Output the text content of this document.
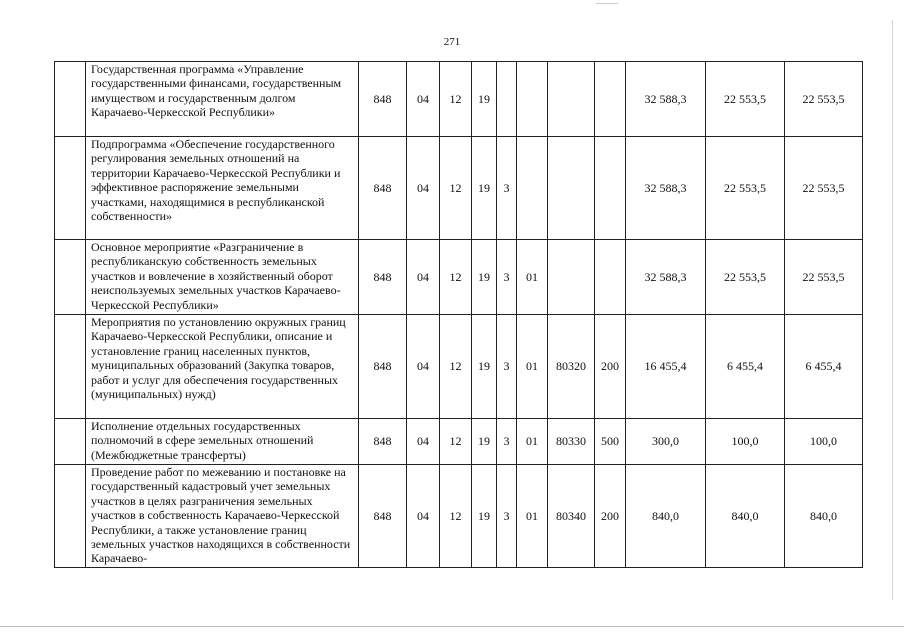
271
	Государственная программа «Управление государственными финансами, государственным имуществом и государственным долгом Карачаево-Черкесской Республики»	848	04	12	19					32 588,3	22 553,5	22 553,5
	Подпрограмма «Обеспечение государственного регулирования земельных отношений на территории Карачаево-Черкесской Республики и эффективное распоряжение земельными участками, находящимися в республиканской собственности»	848	04	12	19	3				32 588,3	22 553,5	22 553,5
	Основное мероприятие «Разграничение в республиканскую собственность земельных участков и вовлечение в хозяйственный оборот неиспользуемых земельных участков Карачаево-Черкесской Республики»	848	04	12	19	3	01			32 588,3	22 553,5	22 553,5
	Мероприятия по установлению окружных границ Карачаево-Черкесской Республики, описание и установление границ населенных пунктов, муниципальных образований (Закупка товаров, работ и услуг для обеспечения государственных (муниципальных) нужд)	848	04	12	19	3	01	80320	200	16 455,4	6 455,4	6 455,4
	Исполнение отдельных государственных полномочий в сфере земельных отношений (Межбюджетные трансферты)	848	04	12	19	3	01	80330	500	300,0	100,0	100,0
	Проведение работ по межеванию и постановке на государственный кадастровый учет земельных участков в целях разграничения земельных участков в собственность Карачаево-Черкесской Республики, а также установление границ земельных участков находящихся в собственности Карачаево-	848	04	12	19	3	01	80340	200	840,0	840,0	840,0
